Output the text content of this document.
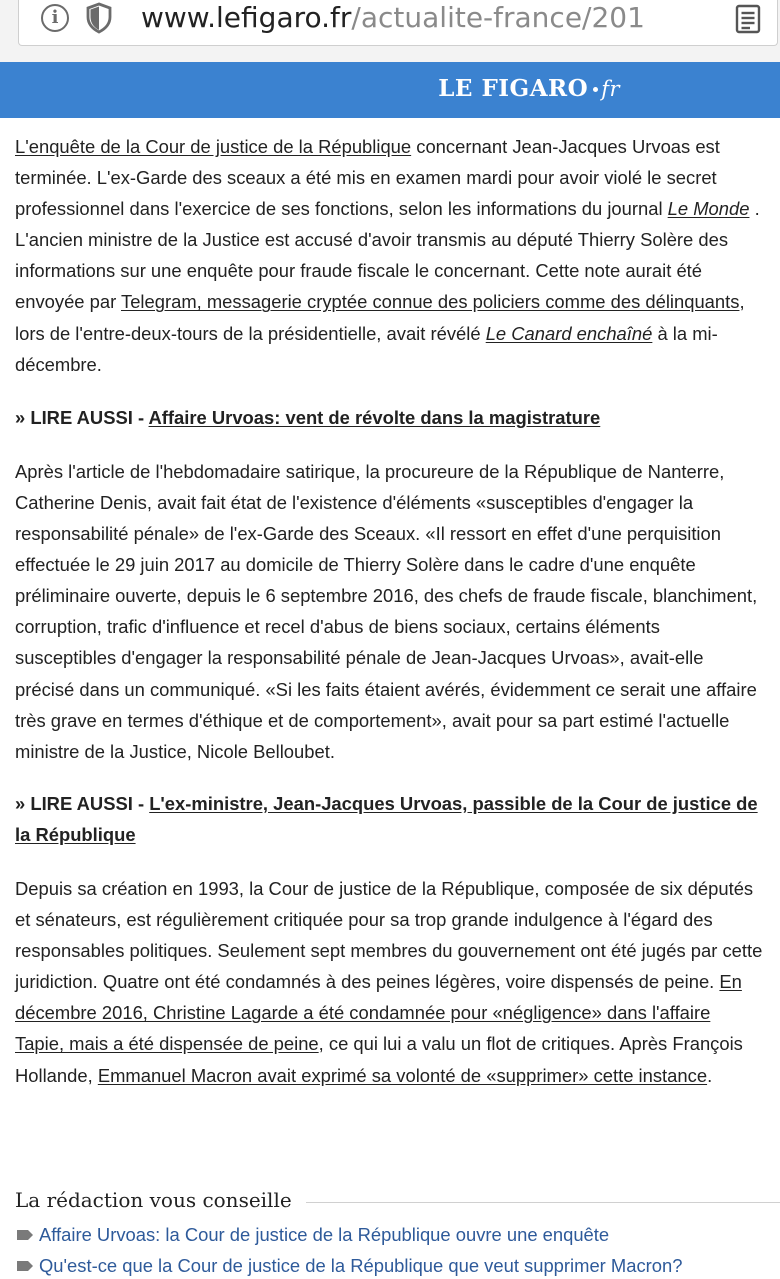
i	www.lefigaro.fr/actualite-france/201
LE FIGARO fr

L'enquête de la Cour de justice de la République concernant Jean-Jacques Urvoas est terminée. L'ex-Garde des sceaux a été mis en examen mardi pour avoir violé le secret professionnel dans l'exercice de ses fonctions, selon les informations du journal Le Monde . L'ancien ministre de la Justice est accusé d'avoir transmis au député Thierry Solère des informations sur une enquête pour fraude fiscale le concernant. Cette note aurait été envoyée par Telegram, messagerie cryptée connue des policiers comme des délinquants, lors de l'entre-deux-tours de la présidentielle, avait révélé Le Canard enchaîné à la mi-décembre.

» LIRE AUSSI - Affaire Urvoas: vent de révolte dans la magistrature

Après l'article de l'hebdomadaire satirique, la procureure de la République de Nanterre, Catherine Denis, avait fait état de l'existence d'éléments «susceptibles d'engager la responsabilité pénale» de l'ex-Garde des Sceaux. «Il ressort en effet d'une perquisition effectuée le 29 juin 2017 au domicile de Thierry Solère dans le cadre d'une enquête préliminaire ouverte, depuis le 6 septembre 2016, des chefs de fraude fiscale, blanchiment, corruption, trafic d'influence et recel d'abus de biens sociaux, certains éléments susceptibles d'engager la responsabilité pénale de Jean-Jacques Urvoas», avait-elle précisé dans un communiqué. «Si les faits étaient avérés, évidemment ce serait une affaire très grave en termes d'éthique et de comportement», avait pour sa part estimé l'actuelle ministre de la Justice, Nicole Belloubet.

» LIRE AUSSI - L'ex-ministre, Jean-Jacques Urvoas, passible de la Cour de justice de la République

Depuis sa création en 1993, la Cour de justice de la République, composée de six députés et sénateurs, est régulièrement critiquée pour sa trop grande indulgence à l'égard des responsables politiques. Seulement sept membres du gouvernement ont été jugés par cette juridiction. Quatre ont été condamnés à des peines légères, voire dispensés de peine. En décembre 2016, Christine Lagarde a été condamnée pour «négligence» dans l'affaire Tapie, mais a été dispensée de peine, ce qui lui a valu un flot de critiques. Après François Hollande, Emmanuel Macron avait exprimé sa volonté de «supprimer» cette instance.

La rédaction vous conseille
Affaire Urvoas: la Cour de justice de la République ouvre une enquête
Qu'est-ce que la Cour de justice de la République que veut supprimer Macron?
